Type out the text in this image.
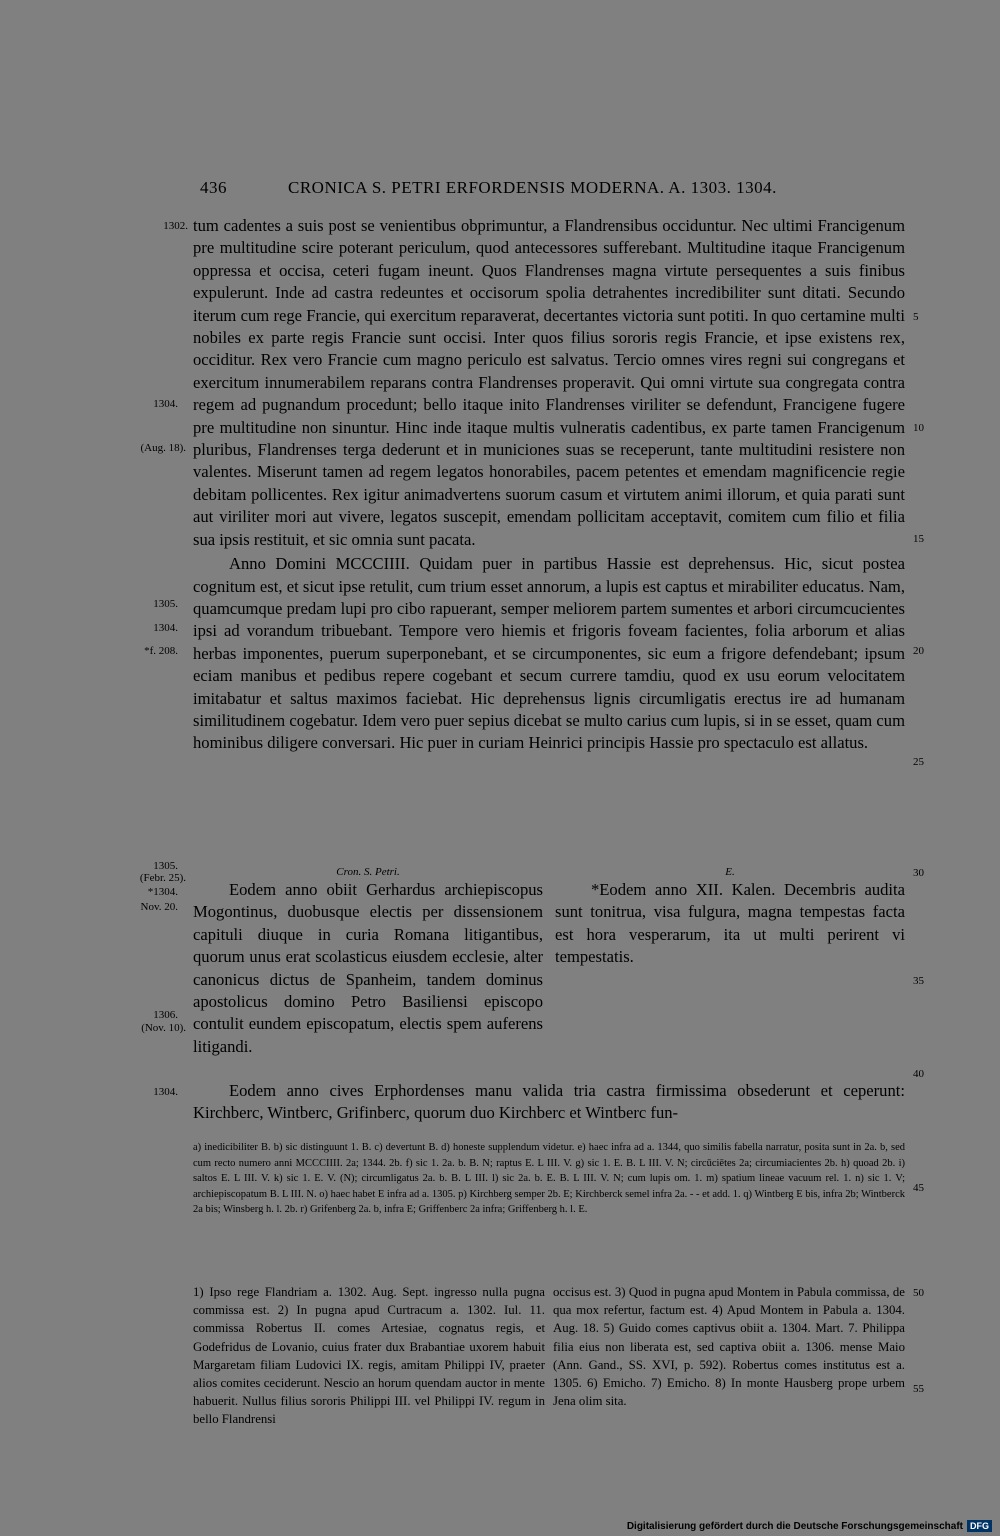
436	CRONICA S. PETRI ERFORDENSIS MODERNA. A. 1303. 1304.
1302.
1304.
(Aug. 18).
1305.
1304.
*f. 208.
1305.
(Febr. 25).
*1304.
Nov. 20.
1306.
(Nov. 10).
1304.
5
10
15
20
25
30
35
40
45
50
55

tum cadentes a suis post se venientibus obprimuntur, a Flandrensibus occiduntur. Nec ultimi Francigenum pre multitudine scire poterant periculum, quod antecessores sufferebant. Multitudine itaque Francigenum oppressa et occisa, ceteri fugam ineunt. Quos Flandrenses magna virtute persequentes a suis finibus expulerunt. Inde ad castra redeuntes et occisorum spolia detrahentes incredibiliter sunt ditati. Secundo iterum cum rege Francie, qui exercitum reparaverat, decertantes victoria sunt potiti. In quo certamine multi nobiles ex parte regis Francie sunt occisi. Inter quos filius sororis regis Francie, et ipse existens rex, occiditur. Rex vero Francie cum magno periculo est salvatus. Tercio omnes vires regni sui congregans et exercitum innumerabilem reparans contra Flandrenses properavit. Qui omni virtute sua congregata contra regem ad pugnandum procedunt; bello itaque inito Flandrenses viriliter se defendunt, Francigene fugere pre multitudine non sinuntur. Hinc inde itaque multis vulneratis cadentibus, ex parte tamen Francigenum pluribus, Flandrenses terga dederunt et in municiones suas se receperunt, tante multitudini resistere non valentes. Miserunt tamen ad regem legatos honorabiles, pacem petentes et emendam magnificencie regie debitam pollicentes. Rex igitur animadvertens suorum casum et virtutem animi illorum, et quia parati sunt aut viriliter mori aut vivere, legatos suscepit, emendam pollicitam acceptavit, comitem cum filio et filia sua ipsis restituit, et sic omnia sunt pacata.

Anno Domini MCCCIIII. Quidam puer in partibus Hassie est deprehensus. Hic, sicut postea cognitum est, et sicut ipse retulit, cum trium esset annorum, a lupis est captus et mirabiliter educatus. Nam, quamcumque predam lupi pro cibo rapuerant, semper meliorem partem sumentes et arbori circumcucientes ipsi ad vorandum tribuebant. Tempore vero hiemis et frigoris foveam facientes, folia arborum et alias herbas imponentes, puerum superponebant, et se circumponentes, sic eum a frigore defendebant; ipsum eciam manibus et pedibus repere cogebant et secum currere tamdiu, quod ex usu eorum velocitatem imitabatur et saltus maximos faciebat. Hic deprehensus lignis circumligatis erectus ire ad humanam similitudinem cogebatur. Idem vero puer sepius dicebat se multo carius cum lupis, si in se esset, quam cum hominibus diligere conversari. Hic puer in curiam Heinrici principis Hassie pro spectaculo est allatus.

Cron. S. Petri.

Eodem anno obiit Gerhardus archiepiscopus Mogontinus, duobusque electis per dissensionem capituli diuque in curia Romana litigantibus, quorum unus erat scolasticus eiusdem ecclesie, alter canonicus dictus de Spanheim, tandem dominus apostolicus domino Petro Basiliensi episcopo contulit eundem episcopatum, electis spem auferens litigandi.

E.

*Eodem anno XII. Kalen. Decembris audita sunt tonitrua, visa fulgura, magna tempestas facta est hora vesperarum, ita ut multi perirent vi tempestatis.

Eodem anno cives Erphordenses manu valida tria castra firmissima obsederunt et ceperunt: Kirchberc, Wintberc, Grifinberc, quorum duo Kirchberc et Wintberc fun-

a) inedicibiliter B. b) sic distinguunt 1. B. c) devertunt B. d) honeste supplendum videtur. e) haec infra ad a. 1344, quo similis fabella narratur, posita sunt in 2a. b, sed cum recto numero anni MCCCIIII. 2a; 1344. 2b. f) sic 1. 2a. b. B. N; raptus E. L III. V. g) sic 1. E. B. L III. V. N; circūciētes 2a; circumiacientes 2b. h) quoad 2b. i) saltos E. L III. V. k) sic 1. E. V. (N); circumligatus 2a. b. B. L III. l) sic 2a. b. E. B. L III. V. N; cum lupis om. 1. m) spatium lineae vacuum rel. 1. n) sic 1. V; archiepiscopatum B. L III. N. o) haec habet E infra ad a. 1305. p) Kirchberg semper 2b. E; Kirchberck semel infra 2a. - - et add. 1. q) Wintberg E bis, infra 2b; Wintberck 2a bis; Winsberg h. l. 2b. r) Grifenberg 2a. b, infra E; Griffenberc 2a infra; Griffenberg h. l. E.
1) Ipso rege Flandriam a. 1302. Aug. Sept. ingresso nulla pugna commissa est. 2) In pugna apud Curtracum a. 1302. Iul. 11. commissa Robertus II. comes Artesiae, cognatus regis, et Godefridus de Lovanio, cuius frater dux Brabantiae uxorem habuit Margaretam filiam Ludovici IX. regis, amitam Philippi IV, praeter alios comites ceciderunt. Nescio an horum quendam auctor in mente habuerit. Nullus filius sororis Philippi III. vel Philippi IV. regum in bello Flandrensi
occisus est. 3) Quod in pugna apud Montem in Pabula commissa, de qua mox refertur, factum est. 4) Apud Montem in Pabula a. 1304. Aug. 18. 5) Guido comes captivus obiit a. 1304. Mart. 7. Philippa filia eius non liberata est, sed captiva obiit a. 1306. mense Maio (Ann. Gand., SS. XVI, p. 592). Robertus comes institutus est a. 1305. 6) Emicho. 7) Emicho. 8) In monte Hausberg prope urbem Jena olim sita.
Digitalisierung gefördert durch die Deutsche Forschungsgemeinschaft DFG
